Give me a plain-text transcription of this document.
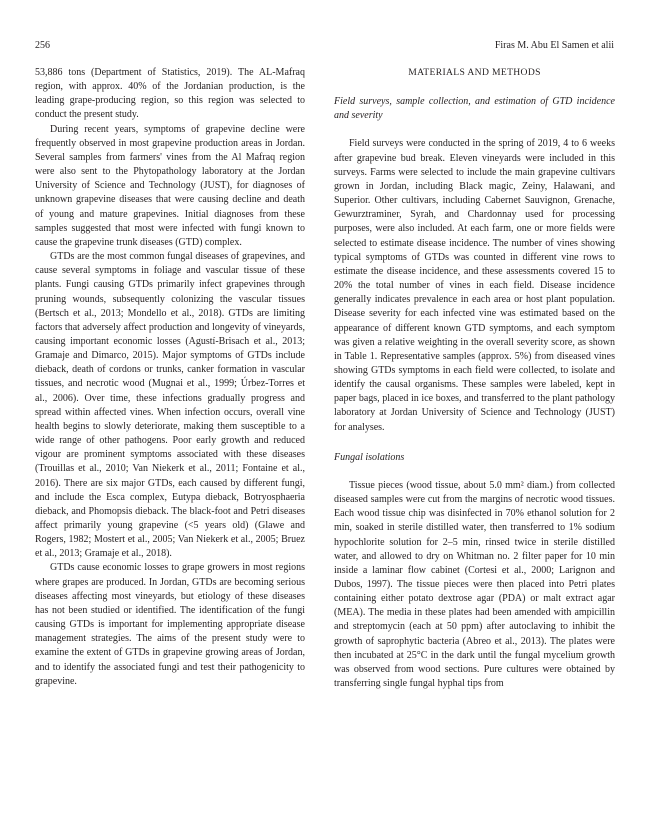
256	Firas M. Abu El Samen et alii

53,886 tons (Department of Statistics, 2019). The AL-Mafraq region, with approx. 40% of the Jordanian production, is the leading grape-producing region, so this region was selected to conduct the present study.

During recent years, symptoms of grapevine decline were frequently observed in most grapevine production areas in Jordan. Several samples from farmers' vines from the Al Mafraq region were also sent to the Phytopathology laboratory at the Jordan University of Science and Technology (JUST), for diagnoses of unknown grapevine diseases that were causing decline and death of young and mature grapevines. Initial diagnoses from these samples suggested that most were infected with fungi known to cause the grapevine trunk diseases (GTD) complex.

GTDs are the most common fungal diseases of grapevines, and cause several symptoms in foliage and vascular tissue of these plants. Fungi causing GTDs primarily infect grapevines through pruning wounds, subsequently colonizing the vascular tissues (Bertsch et al., 2013; Mondello et al., 2018). GTDs are limiting factors that adversely affect production and longevity of vineyards, causing important economic losses (Agustí-Brisach et al., 2013; Gramaje and Dimarco, 2015). Major symptoms of GTDs include dieback, death of cordons or trunks, canker formation in vascular tissues, and necrotic wood (Mugnai et al., 1999; Úrbez-Torres et al., 2006). Over time, these infections gradually progress and spread within affected vines. When infection occurs, overall vine health begins to slowly deteriorate, making them susceptible to a wide range of other pathogens. Poor early growth and reduced vigour are prominent symptoms associated with these diseases (Trouillas et al., 2010; Van Niekerk et al., 2011; Fontaine et al., 2016). There are six major GTDs, each caused by different fungi, and include the Esca complex, Eutypa dieback, Botryosphaeria dieback, and Phomopsis dieback. The black-foot and Petri diseases affect primarily young grapevine (<5 years old) (Glawe and Rogers, 1982; Mostert et al., 2005; Van Niekerk et al., 2005; Bruez et al., 2013; Gramaje et al., 2018).

GTDs cause economic losses to grape growers in most regions where grapes are produced. In Jordan, GTDs are becoming serious diseases affecting most vineyards, but etiology of these diseases has not been studied or identified. The identification of the fungi causing GTDs is important for implementing appropriate disease management strategies. The aims of the present study were to examine the extent of GTDs in grapevine growing areas of Jordan, and to identify the associated fungi and test their pathogenicity to grapevine.

MATERIALS AND METHODS
Field surveys, sample collection, and estimation of GTD incidence and severity

Field surveys were conducted in the spring of 2019, 4 to 6 weeks after grapevine bud break. Eleven vineyards were included in this surveys. Farms were selected to include the main grapevine cultivars grown in Jordan, including Black magic, Zeiny, Halawani, and Superior. Other cultivars, including Cabernet Sauvignon, Grenache, Gewurztraminer, Syrah, and Chardonnay used for processing purposes, were also included. At each farm, one or more fields were selected to estimate disease incidence. The number of vines showing typical symptoms of GTDs was counted in different vine rows to estimate the disease incidence, and these assessments covered 15 to 20% the total number of vines in each field. Disease incidence generally indicates prevalence in each area or host plant population. Disease severity for each infected vine was estimated based on the appearance of different known GTD symptoms, and each symptom was given a relative weighting in the overall severity score, as shown in Table 1. Representative samples (approx. 5%) from diseased vines showing GTDs symptoms in each field were collected, to isolate and identify the causal organisms. These samples were labeled, kept in paper bags, placed in ice boxes, and transferred to the plant pathology laboratory at Jordan University of Science and Technology (JUST) for analyses.

Fungal isolations

Tissue pieces (wood tissue, about 5.0 mm² diam.) from collected diseased samples were cut from the margins of necrotic wood tissues. Each wood tissue chip was disinfected in 70% ethanol solution for 2 min, soaked in sterile distilled water, then transferred to 1% sodium hypochlorite solution for 2–5 min, rinsed twice in sterile distilled water, and allowed to dry on Whitman no. 2 filter paper for 10 min inside a laminar flow cabinet (Cortesi et al., 2000; Larignon and Dubos, 1997). The tissue pieces were then placed into Petri plates containing either potato dextrose agar (PDA) or malt extract agar (MEA). The media in these plates had been amended with ampicillin and streptomycin (each at 50 ppm) after autoclaving to inhibit the growth of saprophytic bacteria (Abreo et al., 2013). The plates were then incubated at 25°C in the dark until the fungal mycelium growth was observed from wood sections. Pure cultures were obtained by transferring single fungal hyphal tips from
